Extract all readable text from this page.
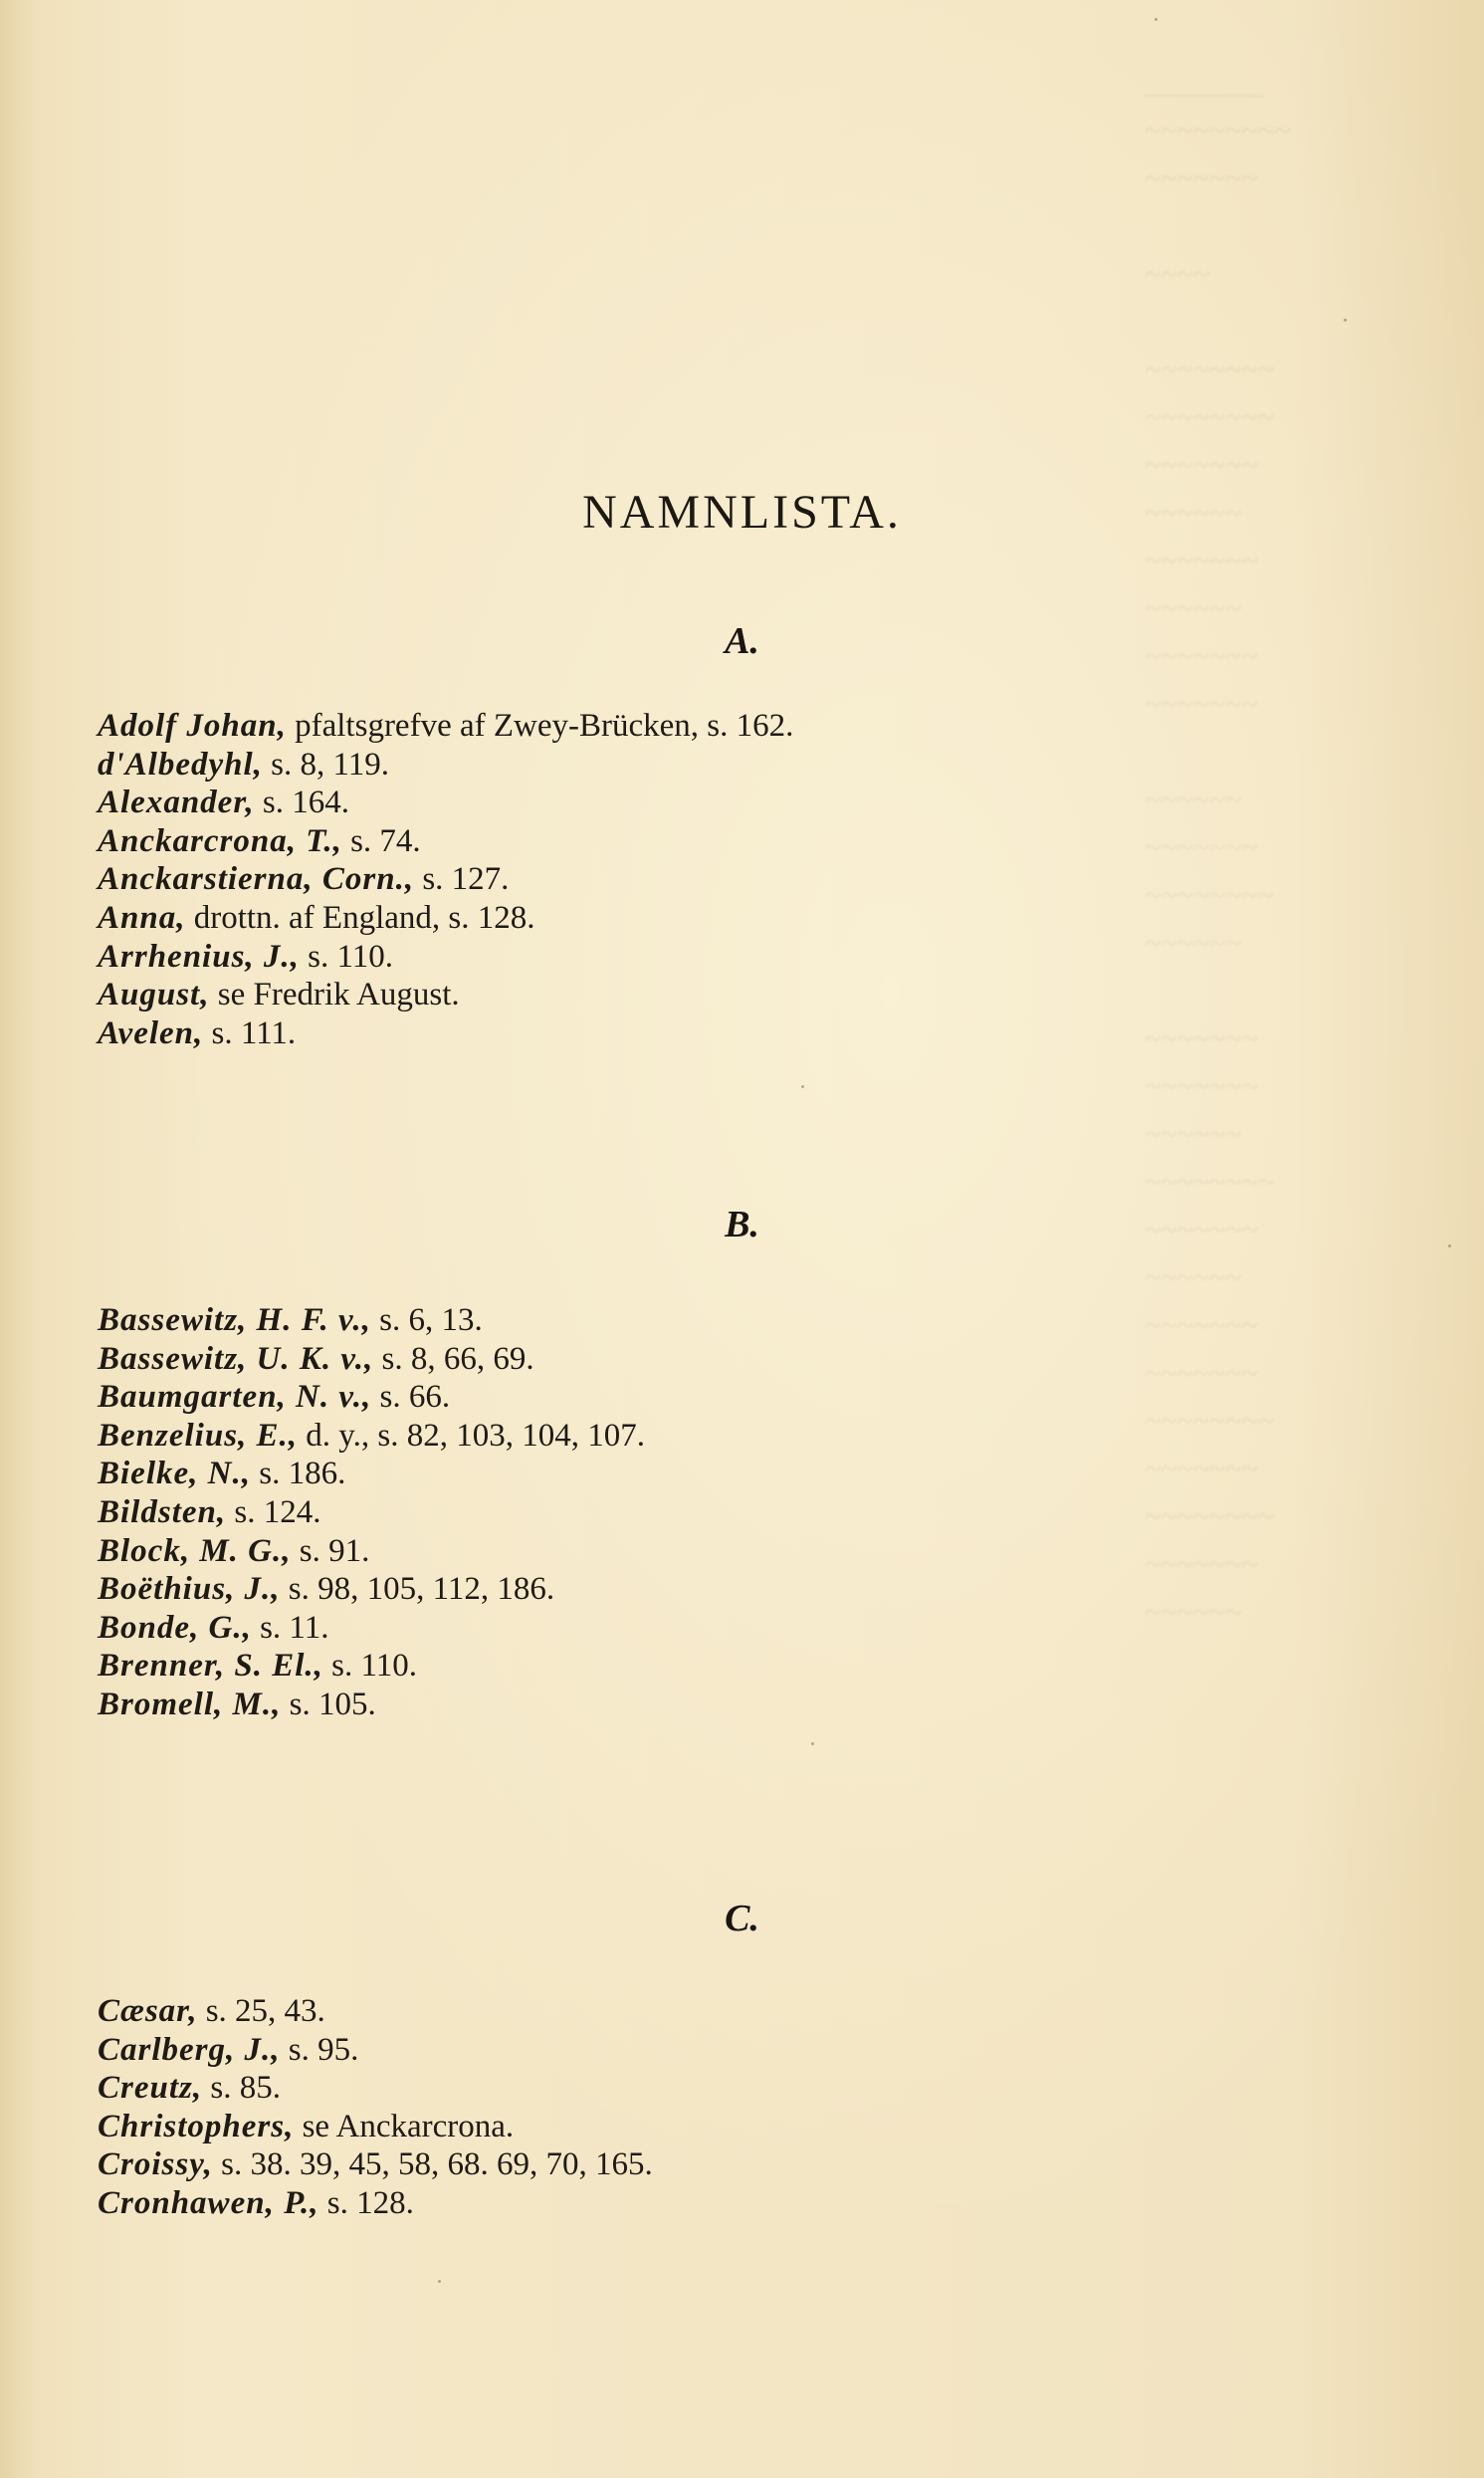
________
~~~~~~~~~
~~~~~~~

~~~~

~~~~~~~~
~~~~~~~~
~~~~~~~
~~~~~~
~~~~~~~
~~~~~~
~~~~~~~
~~~~~~~

~~~~~~
~~~~~~~
~~~~~~~~
~~~~~~

~~~~~~~
~~~~~~~
~~~~~~
~~~~~~~~
~~~~~~~
~~~~~~
~~~~~~~
~~~~~~~
~~~~~~~~
~~~~~~~
~~~~~~~~
~~~~~~~
~~~~~~
NAMNLISTA.
A.
Adolf Johan, pfaltsgrefve af Zwey-Brücken, s. 162.
d'Albedyhl, s. 8, 119.
Alexander, s. 164.
Anckarcrona, T., s. 74.
Anckarstierna, Corn., s. 127.
Anna, drottn. af England, s. 128.
Arrhenius, J., s. 110.
August, se Fredrik August.
Avelen, s. 111.
B.
Bassewitz, H. F. v., s. 6, 13.
Bassewitz, U. K. v., s. 8, 66, 69.
Baumgarten, N. v., s. 66.
Benzelius, E., d. y., s. 82, 103, 104, 107.
Bielke, N., s. 186.
Bildsten, s. 124.
Block, M. G., s. 91.
Boëthius, J., s. 98, 105, 112, 186.
Bonde, G., s. 11.
Brenner, S. El., s. 110.
Bromell, M., s. 105.
C.
Cæsar, s. 25, 43.
Carlberg, J., s. 95.
Creutz, s. 85.
Christophers, se Anckarcrona.
Croissy, s. 38. 39, 45, 58, 68. 69, 70, 165.
Cronhawen, P., s. 128.
